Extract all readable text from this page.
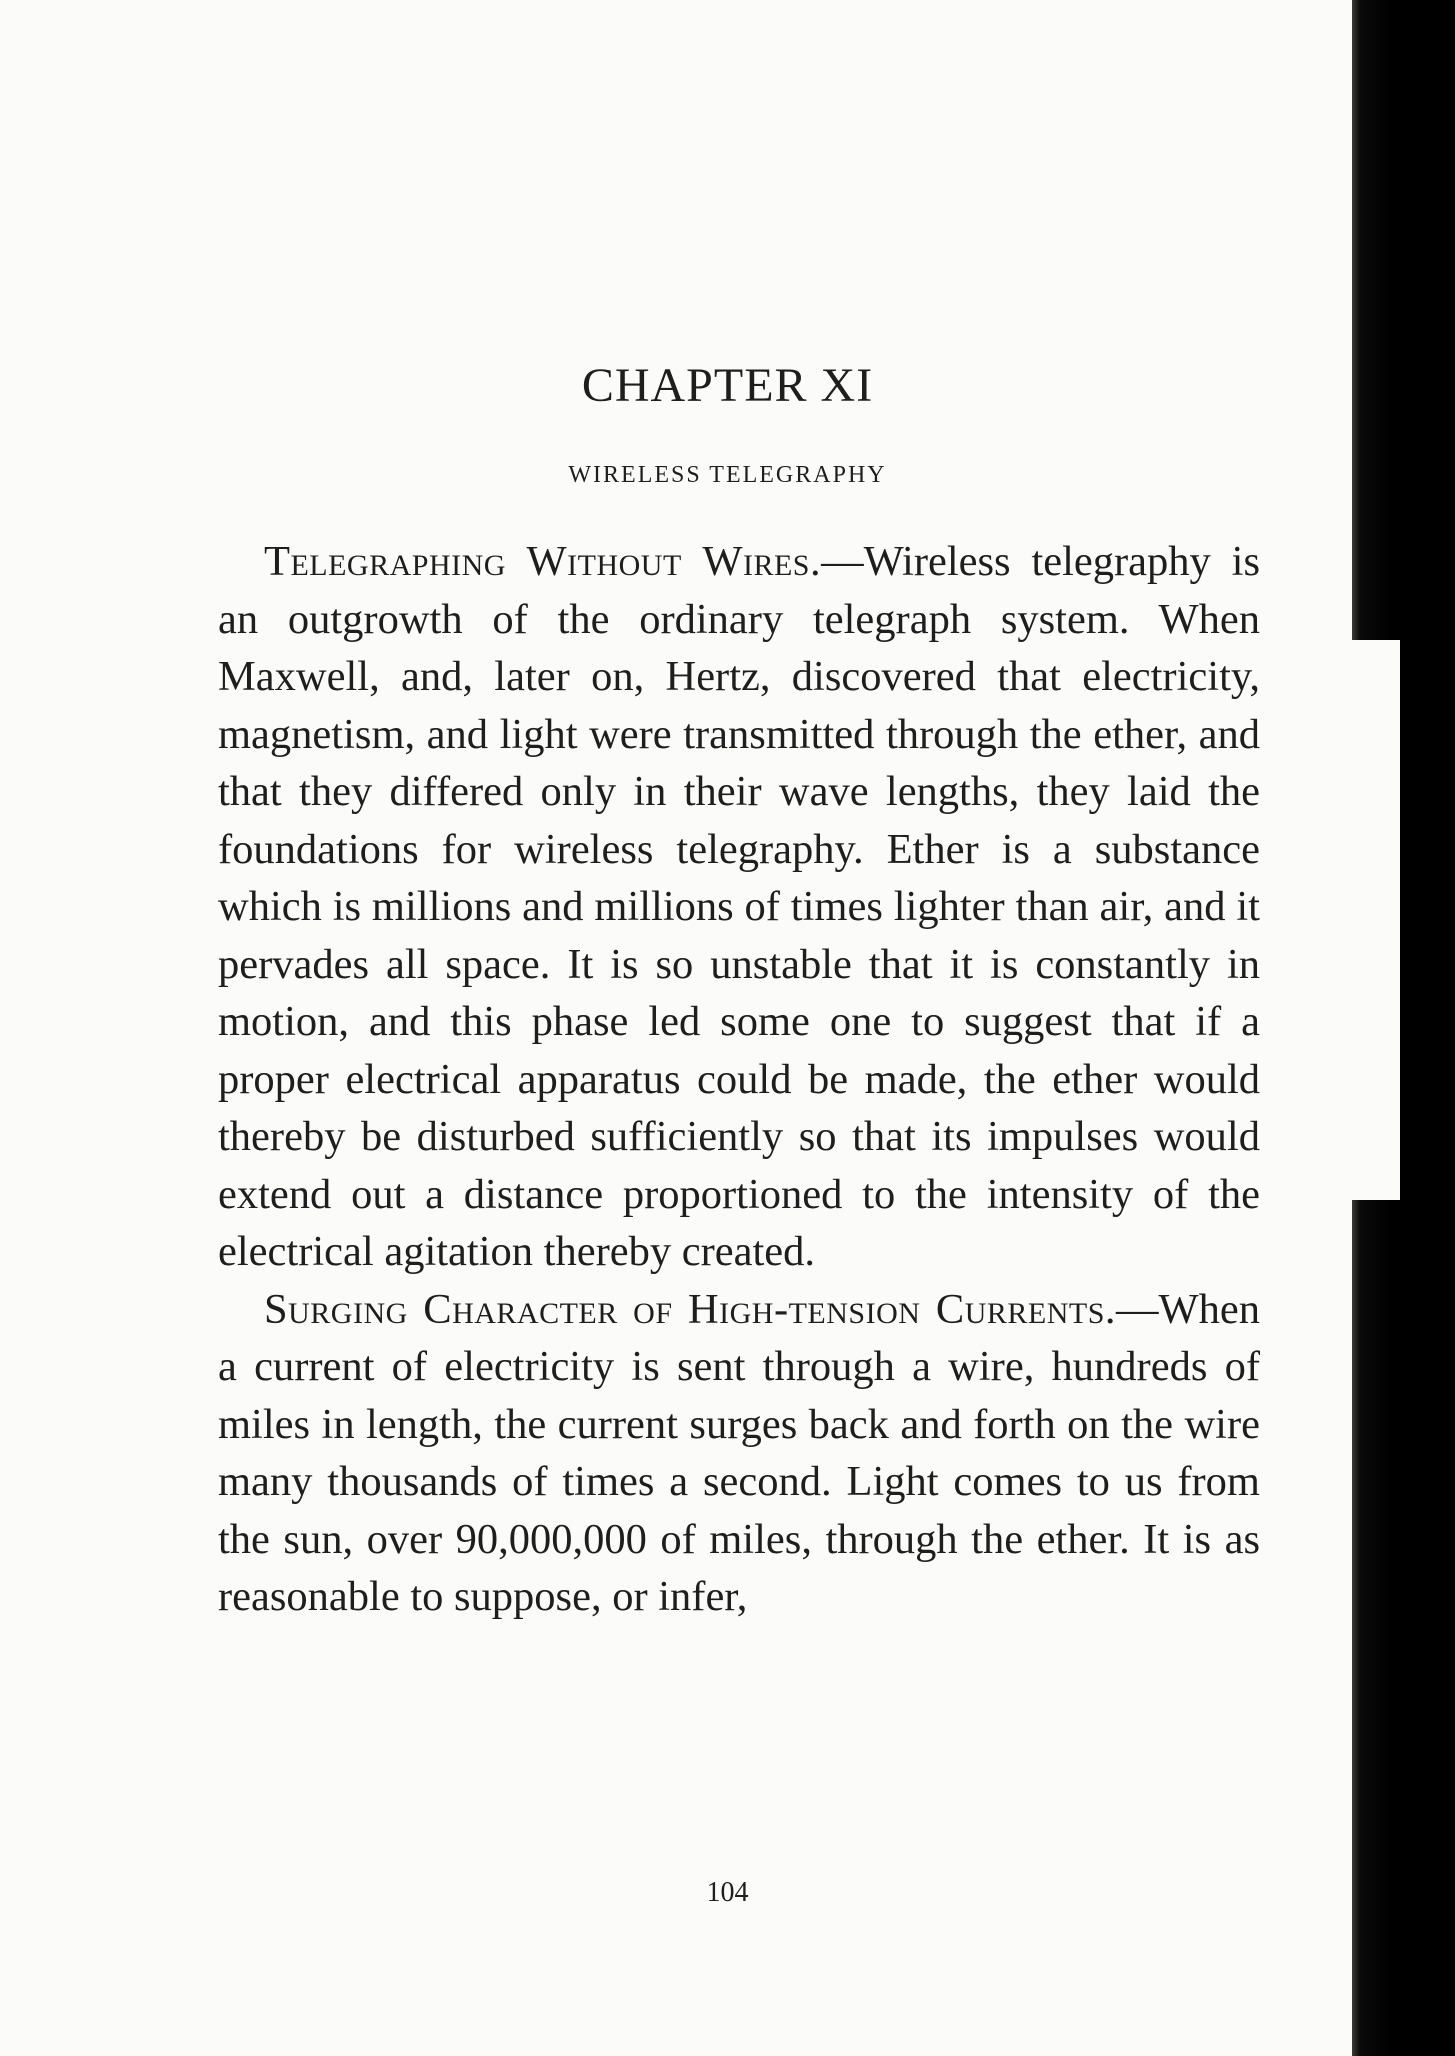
CHAPTER XI
WIRELESS TELEGRAPHY

Telegraphing Without Wires.—Wireless telegraphy is an outgrowth of the ordinary telegraph system. When Maxwell, and, later on, Hertz, discovered that electricity, magnetism, and light were transmitted through the ether, and that they differed only in their wave lengths, they laid the foundations for wireless telegraphy. Ether is a substance which is millions and millions of times lighter than air, and it pervades all space. It is so unstable that it is constantly in motion, and this phase led some one to suggest that if a proper electrical apparatus could be made, the ether would thereby be disturbed sufficiently so that its impulses would extend out a distance proportioned to the intensity of the electrical agitation thereby created.

Surging Character of High-tension Currents.—When a current of electricity is sent through a wire, hundreds of miles in length, the current surges back and forth on the wire many thousands of times a second. Light comes to us from the sun, over 90,000,000 of miles, through the ether. It is as reasonable to suppose, or infer,

104
